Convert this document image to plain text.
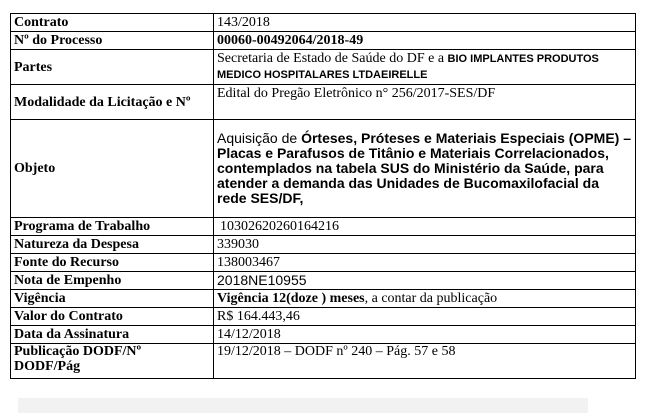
Contrato	143/2018
Nº do Processo	00060-00492064/2018-49
Partes	Secretaria de Estado de Saúde do DF e a BIO IMPLANTES PRODUTOS MEDICO HOSPITALARES LTDAEIRELLE
Modalidade da Licitação e Nº	Edital do Pregão Eletrônico n° 256/2017-SES/DF
Objeto	Aquisição de Órteses, Próteses e Materiais Especiais (OPME) – Placas e Parafusos de Titânio e Materiais Correlacionados, contemplados na tabela SUS do Ministério da Saúde, para atender a demanda das Unidades de Bucomaxilofacial da rede SES/DF,
Programa de Trabalho	10302620260164216
Natureza da Despesa	339030
Fonte do Recurso	138003467
Nota de Empenho	2018NE10955
Vigência	Vigência 12(doze ) meses, a contar da publicação
Valor do Contrato	R$ 164.443,46
Data da Assinatura	14/12/2018
Publicação DODF/Nº DODF/Pág	19/12/2018 – DODF nº 240 – Pág. 57 e 58
